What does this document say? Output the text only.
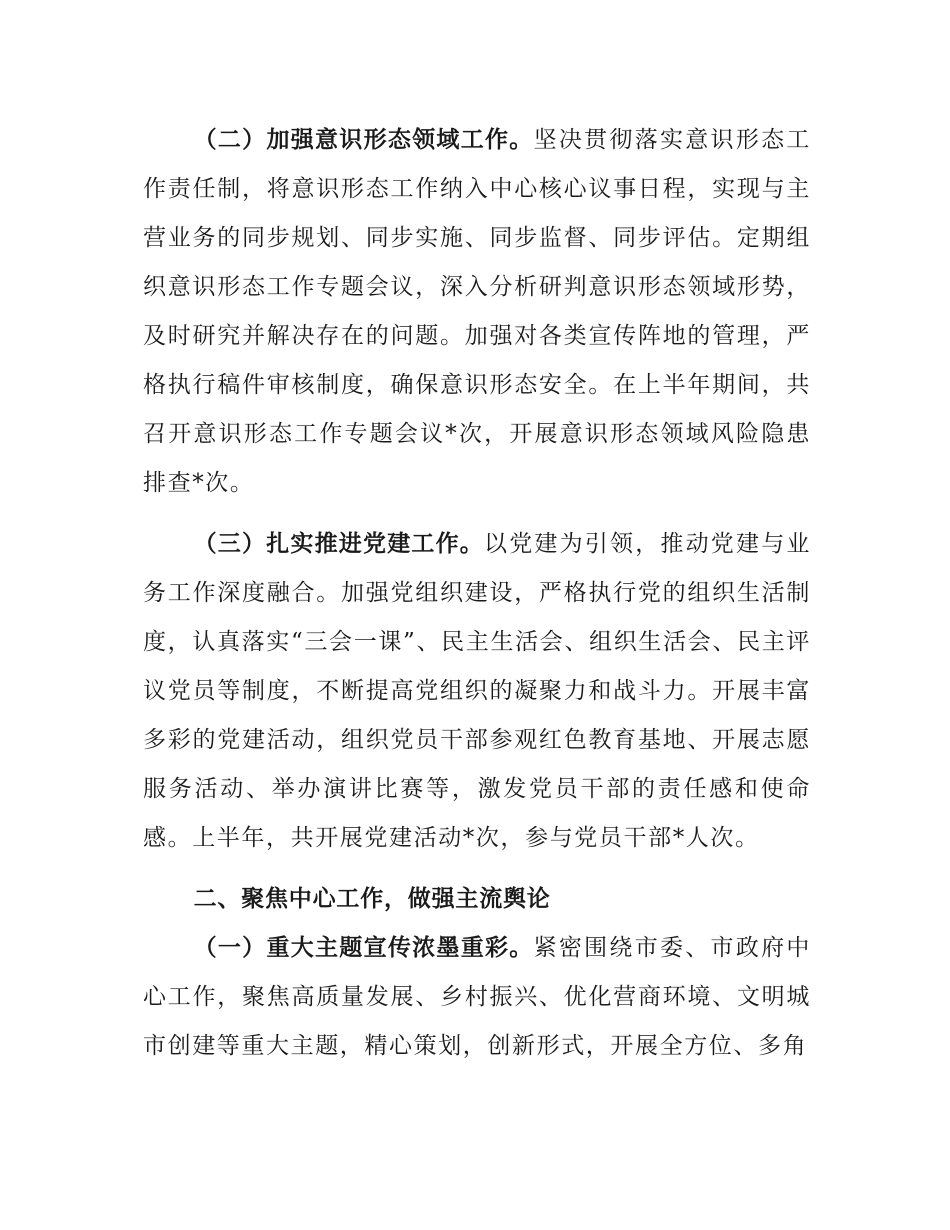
（二）加强意识形态领域工作。坚决贯彻落实意识形态工作责任制，将意识形态工作纳入中心核心议事日程，实现与主营业务的同步规划、同步实施、同步监督、同步评估。定期组织意识形态工作专题会议，深入分析研判意识形态领域形势，及时研究并解决存在的问题。加强对各类宣传阵地的管理，严格执行稿件审核制度，确保意识形态安全。在上半年期间，共召开意识形态工作专题会议*次，开展意识形态领域风险隐患排查*次。

（三）扎实推进党建工作。以党建为引领，推动党建与业务工作深度融合。加强党组织建设，严格执行党的组织生活制度，认真落实“三会一课”、民主生活会、组织生活会、民主评议党员等制度，不断提高党组织的凝聚力和战斗力。开展丰富多彩的党建活动，组织党员干部参观红色教育基地、开展志愿服务活动、举办演讲比赛等，激发党员干部的责任感和使命感。上半年，共开展党建活动*次，参与党员干部*人次。

二、聚焦中心工作，做强主流舆论

（一）重大主题宣传浓墨重彩。紧密围绕市委、市政府中心工作，聚焦高质量发展、乡村振兴、优化营商环境、文明城市创建等重大主题，精心策划，创新形式，开展全方位、多角
